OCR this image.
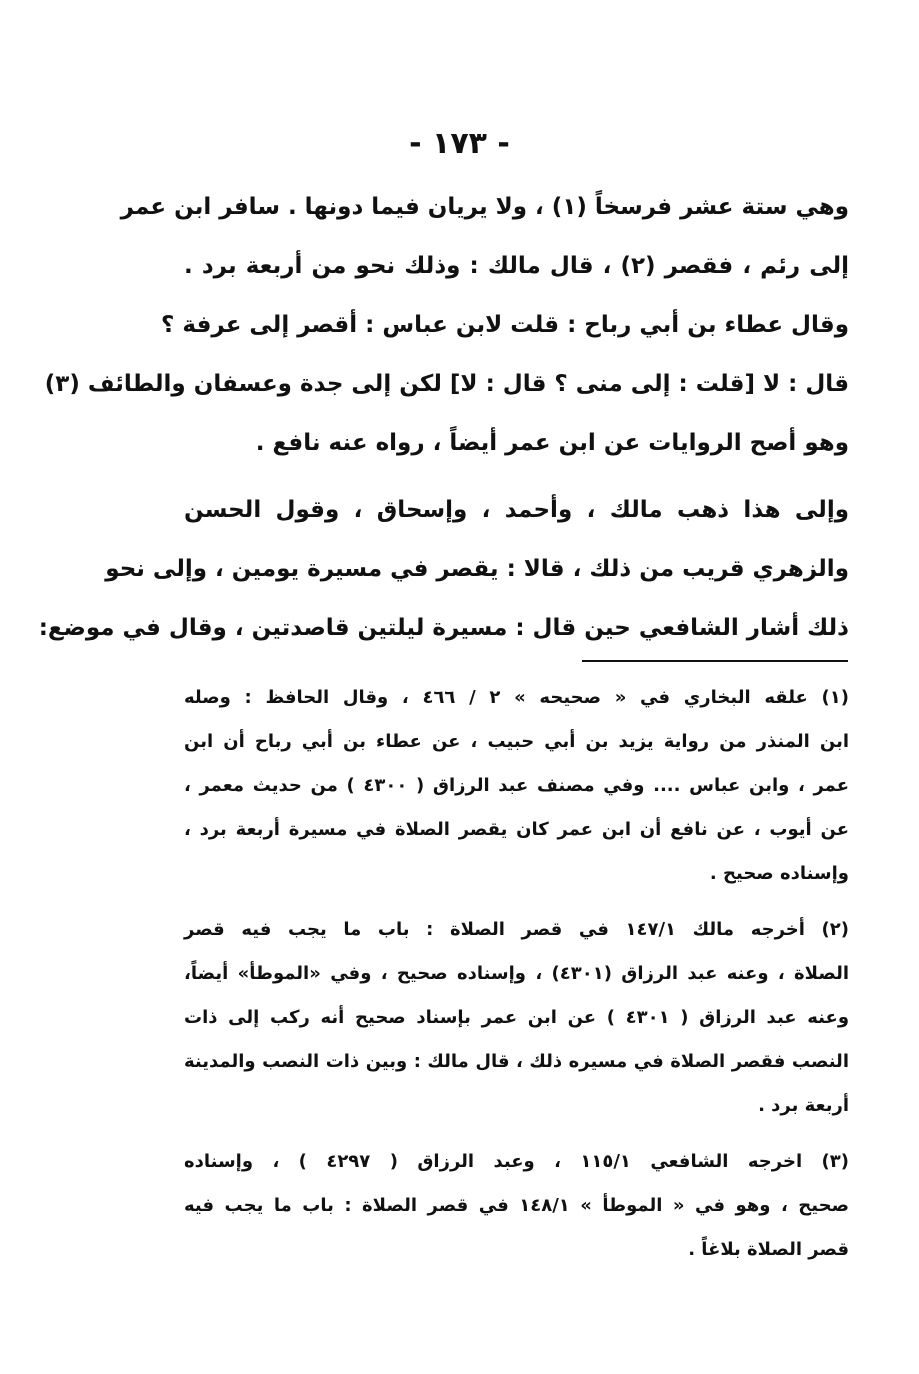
- ١٧٣ -
وهي ستة عشر فرسخاً (١) ، ولا يريان فيما دونها . سافر ابن عمر
إلى رئم ، فقصر (٢) ، قال مالك : وذلك نحو من أربعة برد .
وقال عطاء بن أبي رباح : قلت لابن عباس : أقصر إلى عرفة ؟
قال : لا [قلت : إلى منى ؟ قال : لا] لكن إلى جدة وعسفان والطائف (٣)
وهو أصح الروايات عن ابن عمر أيضاً ، رواه عنه نافع .
وإلى هذا ذهب مالك ، وأحمد ، وإسحاق ، وقول الحسن
والزهري قريب من ذلك ، قالا : يقصر في مسيرة يومين ، وإلى نحو
ذلك أشار الشافعي حين قال : مسيرة ليلتين قاصدتين ، وقال في موضع:
(١) علقه البخاري في « صحيحه » ٢ / ٤٦٦ ، وقال الحافظ : وصله
ابن المنذر من رواية يزيد بن أبي حبيب ، عن عطاء بن أبي رباح أن ابن
عمر ، وابن عباس .... وفي مصنف عبد الرزاق ( ٤٣٠٠ ) من حديث معمر ،
عن أيوب ، عن نافع أن ابن عمر كان يقصر الصلاة في مسيرة أربعة برد ،
وإسناده صحيح .
(٢) أخرجه مالك ١٤٧/١ في قصر الصلاة : باب ما يجب فيه قصر
الصلاة ، وعنه عبد الرزاق (٤٣٠١) ، وإسناده صحيح ، وفي «الموطأ» أيضاً،
وعنه عبد الرزاق ( ٤٣٠١ ) عن ابن عمر بإسناد صحيح أنه ركب إلى ذات
النصب فقصر الصلاة في مسيره ذلك ، قال مالك : وبين ذات النصب والمدينة
أربعة برد .
(٣) اخرجه الشافعي ١١٥/١ ، وعبد الرزاق ( ٤٢٩٧ ) ، وإسناده
صحيح ، وهو في « الموطأ » ١٤٨/١ في قصر الصلاة : باب ما يجب فيه
قصر الصلاة بلاغاً .
